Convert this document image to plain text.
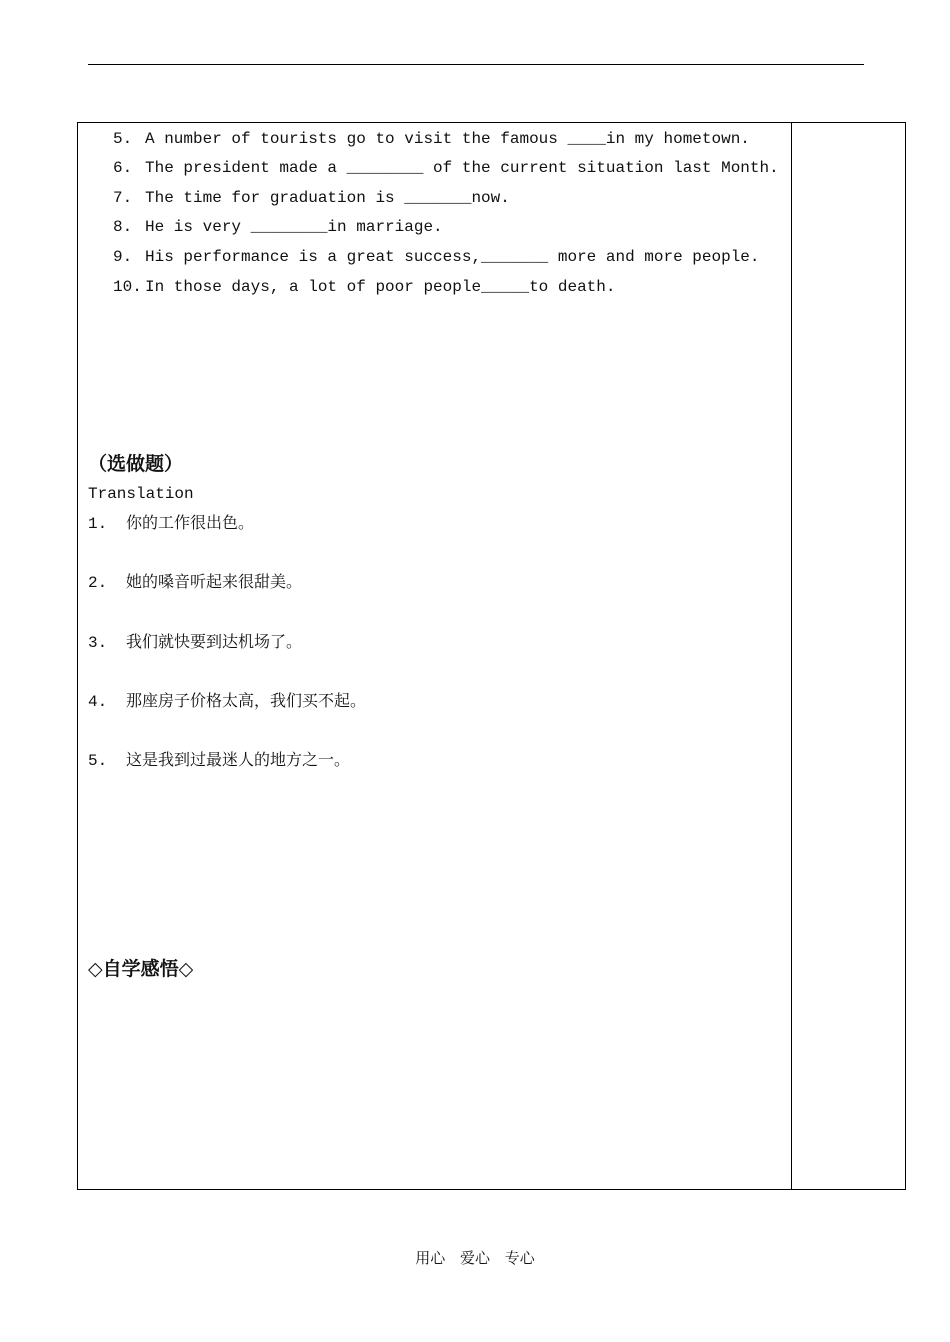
5. A number of tourists go to visit the famous ____in my hometown.
6. The president made a ________ of the current situation last Month.
7. The time for graduation is _______now.
8. He is very ________in marriage.
9. His performance is a great success,_______ more and more people.
10. In those days, a lot of poor people_____to death.
（选做题）
Translation
1. 你的工作很出色。
2. 她的嗓音听起来很甜美。
3. 我们就快要到达机场了。
4. 那座房子价格太高，我们买不起。
5. 这是我到过最迷人的地方之一。
◇自学感悟◇
用心 爱心 专心
